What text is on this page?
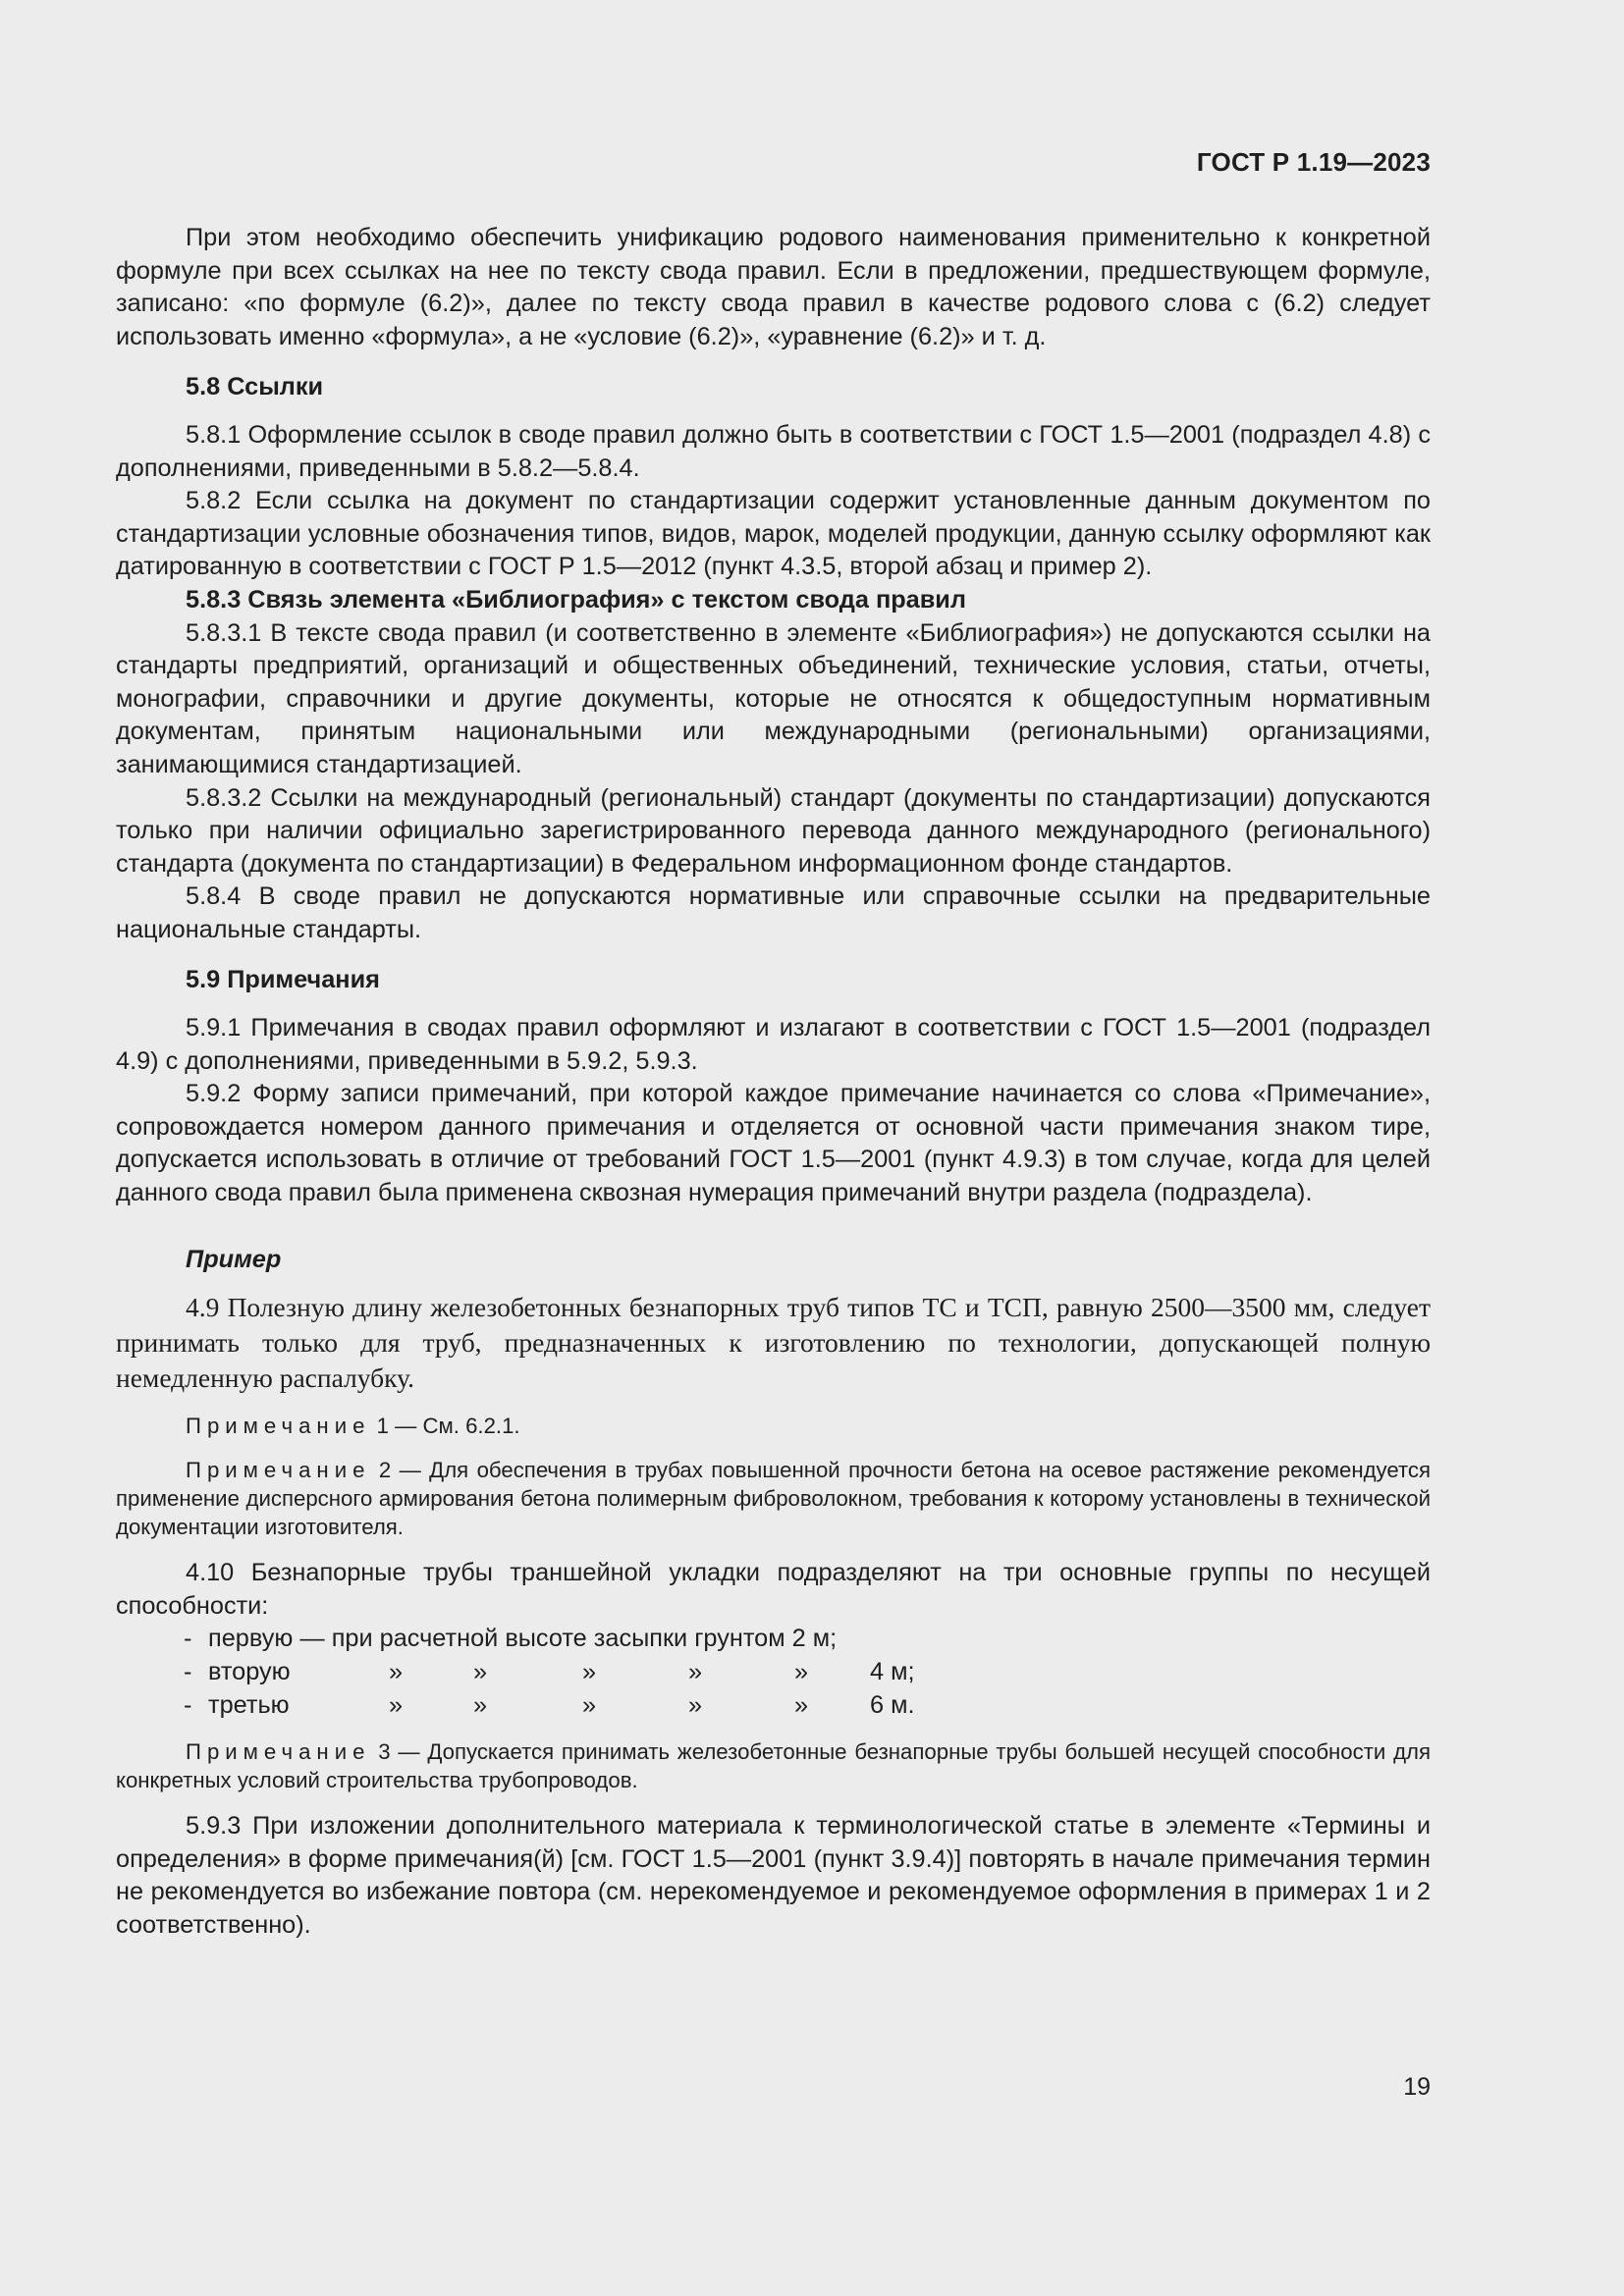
ГОСТ Р 1.19—2023

При этом необходимо обеспечить унификацию родового наименования применительно к конкретной формуле при всех ссылках на нее по тексту свода правил. Если в предложении, предшествующем формуле, записано: «по формуле (6.2)», далее по тексту свода правил в качестве родового слова с (6.2) следует использовать именно «формула», а не «условие (6.2)», «уравнение (6.2)» и т. д.

5.8 Ссылки

5.8.1 Оформление ссылок в своде правил должно быть в соответствии с ГОСТ 1.5—2001 (подраздел 4.8) с дополнениями, приведенными в 5.8.2—5.8.4.

5.8.2 Если ссылка на документ по стандартизации содержит установленные данным документом по стандартизации условные обозначения типов, видов, марок, моделей продукции, данную ссылку оформляют как датированную в соответствии с ГОСТ Р 1.5—2012 (пункт 4.3.5, второй абзац и пример 2).

5.8.3 Связь элемента «Библиография» с текстом свода правил

5.8.3.1 В тексте свода правил (и соответственно в элементе «Библиография») не допускаются ссылки на стандарты предприятий, организаций и общественных объединений, технические условия, статьи, отчеты, монографии, справочники и другие документы, которые не относятся к общедоступным нормативным документам, принятым национальными или международными (региональными) организациями, занимающимися стандартизацией.

5.8.3.2 Ссылки на международный (региональный) стандарт (документы по стандартизации) допускаются только при наличии официально зарегистрированного перевода данного международного (регионального) стандарта (документа по стандартизации) в Федеральном информационном фонде стандартов.

5.8.4 В своде правил не допускаются нормативные или справочные ссылки на предварительные национальные стандарты.

5.9 Примечания

5.9.1 Примечания в сводах правил оформляют и излагают в соответствии с ГОСТ 1.5—2001 (подраздел 4.9) с дополнениями, приведенными в 5.9.2, 5.9.3.

5.9.2 Форму записи примечаний, при которой каждое примечание начинается со слова «Примечание», сопровождается номером данного примечания и отделяется от основной части примечания знаком тире, допускается использовать в отличие от требований ГОСТ 1.5—2001 (пункт 4.9.3) в том случае, когда для целей данного свода правил была применена сквозная нумерация примечаний внутри раздела (подраздела).

Пример

4.9 Полезную длину железобетонных безнапорных труб типов ТС и ТСП, равную 2500—3500 мм, следует принимать только для труб, предназначенных к изготовлению по технологии, допускающей полную немедленную распалубку.

Примечание 1 — См. 6.2.1.

Примечание 2 — Для обеспечения в трубах повышенной прочности бетона на осевое растяжение рекомендуется применение дисперсного армирования бетона полимерным фиброволокном, требования к которому установлены в технической документации изготовителя.

4.10 Безнапорные трубы траншейной укладки подразделяют на три основные группы по несущей способности:

- первую — при расчетной высоте засыпки грунтом 2 м;
- вторую	»	»	»	»	»	4 м;
- третью	»	»	»	»	»	6 м.

Примечание 3 — Допускается принимать железобетонные безнапорные трубы большей несущей способности для конкретных условий строительства трубопроводов.

5.9.3 При изложении дополнительного материала к терминологической статье в элементе «Термины и определения» в форме примечания(й) [см. ГОСТ 1.5—2001 (пункт 3.9.4)] повторять в начале примечания термин не рекомендуется во избежание повтора (см. нерекомендуемое и рекомендуемое оформления в примерах 1 и 2 соответственно).

19
